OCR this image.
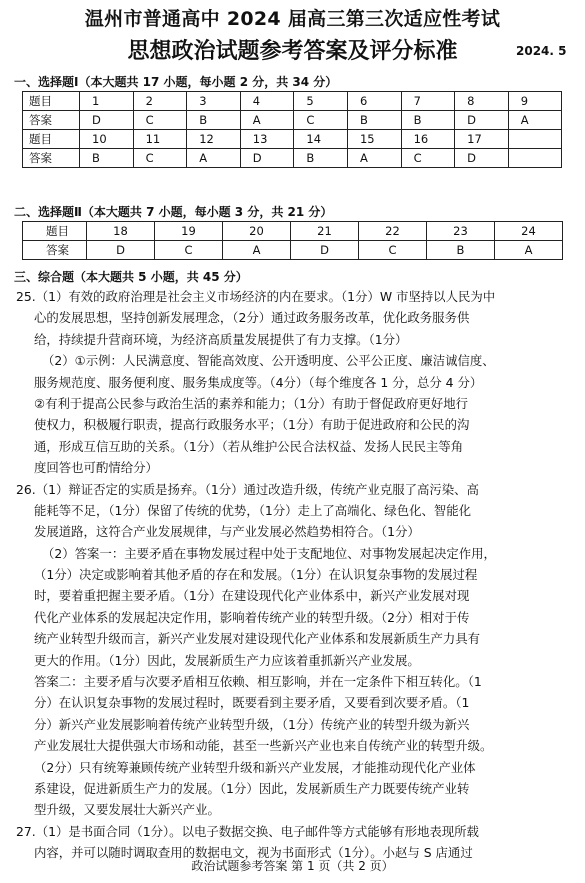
温州市普通高中 2024 届高三第三次适应性考试
思想政治试题参考答案及评分标准	2024. 5
一、选择题Ⅰ（本大题共 17 小题，每小题 2 分，共 34 分）
题目	1	2	3	4	5	6	7	8	9
答案	D	C	B	A	C	B	B	D	A
题目	10	11	12	13	14	15	16	17	
答案	B	C	A	D	B	A	C	D	
二、选择题Ⅱ（本大题共 7 小题，每小题 3 分，共 21 分）
题目	18	19	20	21	22	23	24
答案	D	C	A	D	C	B	A
三、综合题（本大题共 5 小题，共 45 分）
25.（1）有效的政府治理是社会主义市场经济的内在要求。（1分）W 市坚持以人民为中
心的发展思想，坚持创新发展理念，（2分）通过政务服务改革，优化政务服务供
给，持续提升营商环境，为经济高质量发展提供了有力支撑。（1分）
（2）①示例：人民满意度、智能高效度、公开透明度、公平公正度、廉洁诚信度、
服务规范度、服务便利度、服务集成度等。（4分）（每个维度各 1 分，总分 4 分）
②有利于提高公民参与政治生活的素养和能力；（1分）有助于督促政府更好地行
使权力，积极履行职责，提高行政服务水平；（1分）有助于促进政府和公民的沟
通，形成互信互助的关系。（1分）（若从维护公民合法权益、发扬人民民主等角
度回答也可酌情给分）
26.（1）辩证否定的实质是扬弃。（1分）通过改造升级，传统产业克服了高污染、高
能耗等不足，（1分）保留了传统的优势，（1分）走上了高端化、绿色化、智能化
发展道路，这符合产业发展规律，与产业发展必然趋势相符合。（1分）
（2）答案一：主要矛盾在事物发展过程中处于支配地位、对事物发展起决定作用，
（1分）决定或影响着其他矛盾的存在和发展。（1分）在认识复杂事物的发展过程
时，要着重把握主要矛盾。（1分）在建设现代化产业体系中，新兴产业发展对现
代化产业体系的发展起决定作用，影响着传统产业的转型升级。（2分）相对于传
统产业转型升级而言，新兴产业发展对建设现代化产业体系和发展新质生产力具有
更大的作用。（1分）因此，发展新质生产力应该着重抓新兴产业发展。
答案二：主要矛盾与次要矛盾相互依赖、相互影响，并在一定条件下相互转化。（1
分）在认识复杂事物的发展过程时，既要看到主要矛盾，又要看到次要矛盾。（1
分）新兴产业发展影响着传统产业转型升级，（1分）传统产业的转型升级为新兴
产业发展壮大提供强大市场和动能，甚至一些新兴产业也来自传统产业的转型升级。
（2分）只有统筹兼顾传统产业转型升级和新兴产业发展，才能推动现代化产业体
系建设，促进新质生产力的发展。（1分）因此，发展新质生产力既要传统产业转
型升级，又要发展壮大新兴产业。
27.（1）是书面合同（1分）。以电子数据交换、电子邮件等方式能够有形地表现所载
内容，并可以随时调取查用的数据电文，视为书面形式（1分）。小赵与 S 店通过
政治试题参考答案 第 1 页（共 2 页）
